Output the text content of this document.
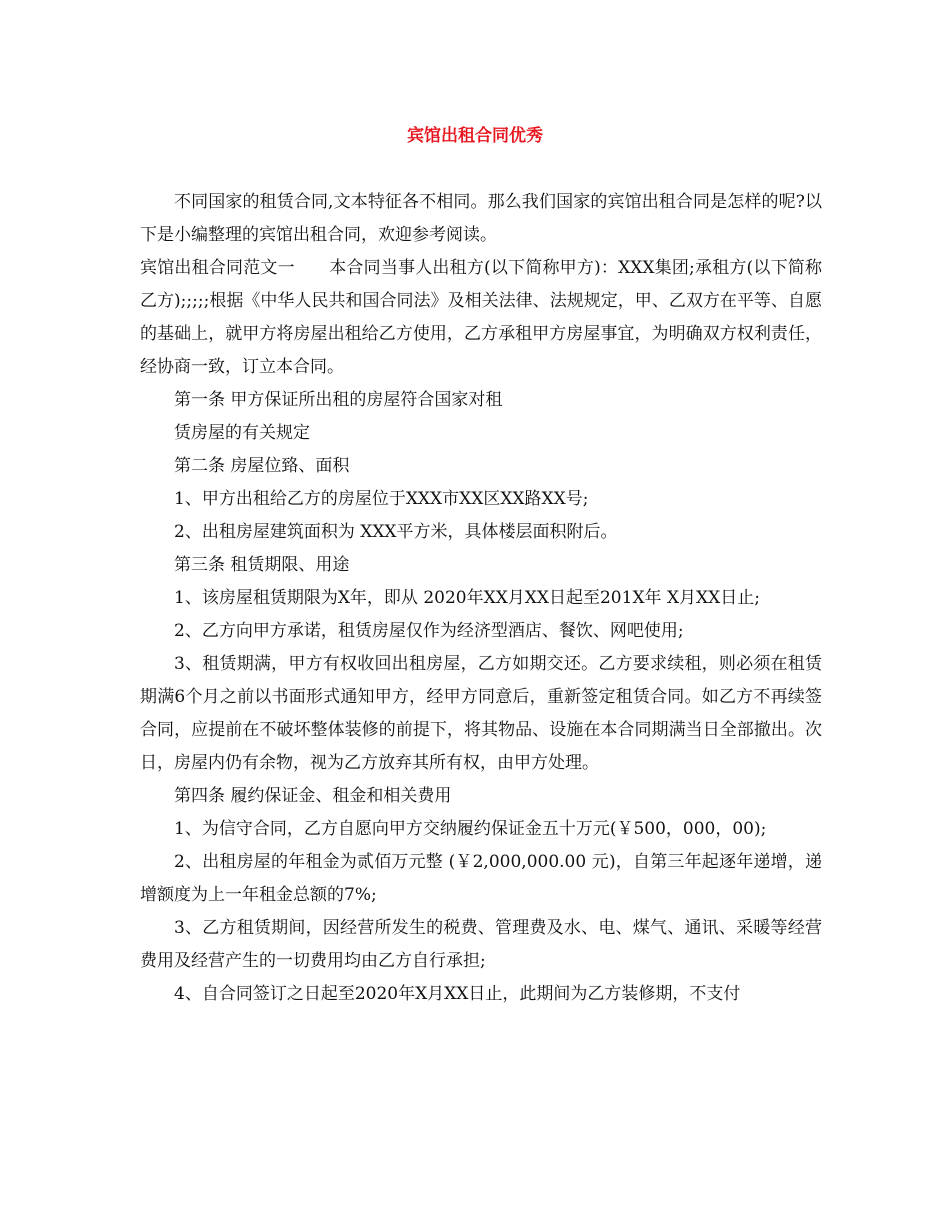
宾馆出租合同优秀

不同国家的租赁合同,文本特征各不相同。那么我们国家的宾馆出租合同是怎样的呢?以下是小编整理的宾馆出租合同，欢迎参考阅读。

宾馆出租合同范文一　　本合同当事人出租方(以下简称甲方)：XXX集团;承租方(以下简称乙方);;;;;根据《中华人民共和国合同法》及相关法律、法规规定，甲、乙双方在平等、自愿的基础上，就甲方将房屋出租给乙方使用，乙方承租甲方房屋事宜，为明确双方权利责任，经协商一致，订立本合同。

第一条 甲方保证所出租的房屋符合国家对租

赁房屋的有关规定

第二条 房屋位臵、面积

1、甲方出租给乙方的房屋位于XXX市XX区XX路XX号;

2、出租房屋建筑面积为 XXX平方米，具体楼层面积附后。

第三条 租赁期限、用途

1、该房屋租赁期限为X年，即从 2020年XX月XX日起至201X年 X月XX日止;

2、乙方向甲方承诺，租赁房屋仅作为经济型酒店、餐饮、网吧使用;

3、租赁期满，甲方有权收回出租房屋，乙方如期交还。乙方要求续租，则必须在租赁期满6个月之前以书面形式通知甲方，经甲方同意后，重新签定租赁合同。如乙方不再续签合同，应提前在不破坏整体装修的前提下，将其物品、设施在本合同期满当日全部撤出。次日，房屋内仍有余物，视为乙方放弃其所有权，由甲方处理。

第四条 履约保证金、租金和相关费用

1、为信守合同，乙方自愿向甲方交纳履约保证金五十万元(￥500，000，00);

2、出租房屋的年租金为贰佰万元整 (￥2,000,000.00 元)，自第三年起逐年递增，递增额度为上一年租金总额的7%;

3、乙方租赁期间，因经营所发生的税费、管理费及水、电、煤气、通讯、采暖等经营费用及经营产生的一切费用均由乙方自行承担;

4、自合同签订之日起至2020年X月XX日止，此期间为乙方装修期，不支付
